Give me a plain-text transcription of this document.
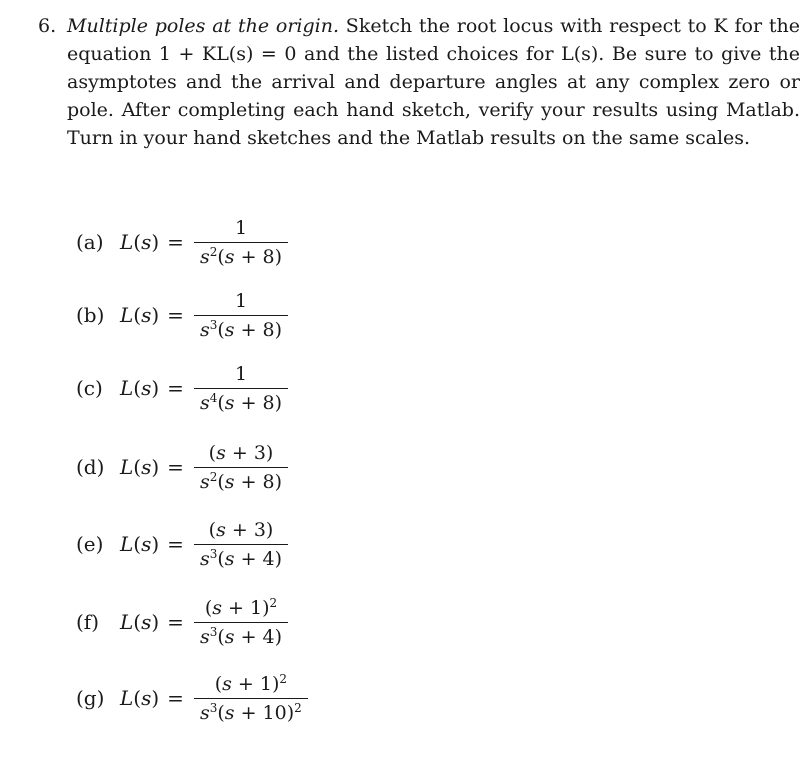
6. Multiple poles at the origin. Sketch the root locus with respect to K for the equation 1 + KL(s) = 0 and the listed choices for L(s). Be sure to give the asymptotes and the arrival and departure angles at any complex zero or pole. After completing each hand sketch, verify your results using Matlab. Turn in your hand sketches and the Matlab results on the same scales.
(a) $L(s) = \frac{1}{s^2(s + 8)}$
(b) $L(s) = \frac{1}{s^3(s + 8)}$
(c) $L(s) = \frac{1}{s^4(s + 8)}$
(d) $L(s) = \frac{(s + 3)}{s^2(s + 8)}$
(e) $L(s) = \frac{(s + 3)}{s^3(s + 4)}$
(f)	$L(s) = \frac{(s + 1)^2}{s^3(s + 4)}$
(g) $L(s) = \frac{(s + 1)^2}{s^3(s + 10)^2}$
